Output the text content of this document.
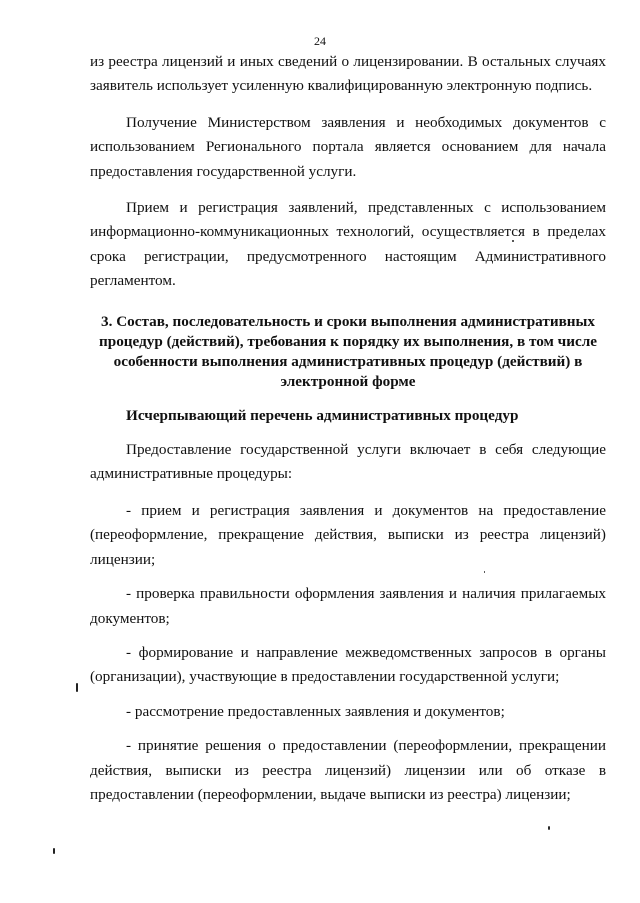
24

из реестра лицензий и иных сведений о лицензировании. В остальных случаях заявитель использует усиленную квалифицированную электронную подпись.

Получение Министерством заявления и необходимых документов с использованием Регионального портала является основанием для начала предоставления государственной услуги.

Прием и регистрация заявлений, представленных с использованием информационно-коммуникационных технологий, осуществляется в пределах срока регистрации, предусмотренного настоящим Административного регламентом.

3. Состав, последовательность и сроки выполнения административных процедур (действий), требования к порядку их выполнения, в том числе особенности выполнения административных процедур (действий) в электронной форме

Исчерпывающий перечень административных процедур

Предоставление государственной услуги включает в себя следующие административные процедуры:

- прием и регистрация заявления и документов на предоставление (переоформление, прекращение действия, выписки из реестра лицензий) лицензии;

- проверка правильности оформления заявления и наличия прилагаемых документов;

- формирование и направление межведомственных запросов в органы (организации), участвующие в предоставлении государственной услуги;

- рассмотрение предоставленных заявления и документов;

- принятие решения о предоставлении (переоформлении, прекращении действия, выписки из реестра лицензий) лицензии или об отказе в предоставлении (переоформлении, выдаче выписки из реестра) лицензии;
